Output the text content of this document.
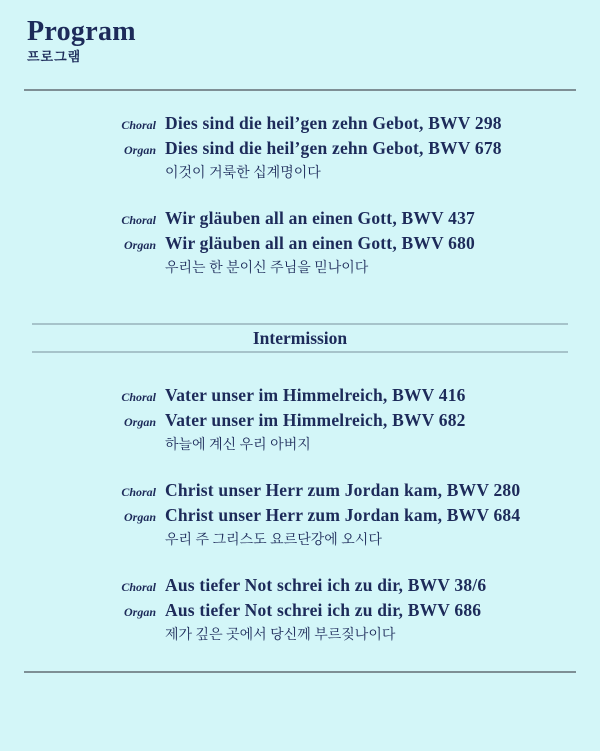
Program
프로그램
Choral Dies sind die heil’gen zehn Gebot, BWV 298
Organ Dies sind die heil’gen zehn Gebot, BWV 678
이것이 거룩한 십계명이다
Choral Wir gläuben all an einen Gott, BWV 437
Organ Wir gläuben all an einen Gott, BWV 680
우리는 한 분이신 주님을 믿나이다
Intermission
Choral Vater unser im Himmelreich, BWV 416
Organ Vater unser im Himmelreich, BWV 682
하늘에 계신 우리 아버지
Choral Christ unser Herr zum Jordan kam, BWV 280
Organ Christ unser Herr zum Jordan kam, BWV 684
우리 주 그리스도 요르단강에 오시다
Choral Aus tiefer Not schrei ich zu dir, BWV 38/6
Organ Aus tiefer Not schrei ich zu dir, BWV 686
제가 깊은 곳에서 당신께 부르짖나이다
